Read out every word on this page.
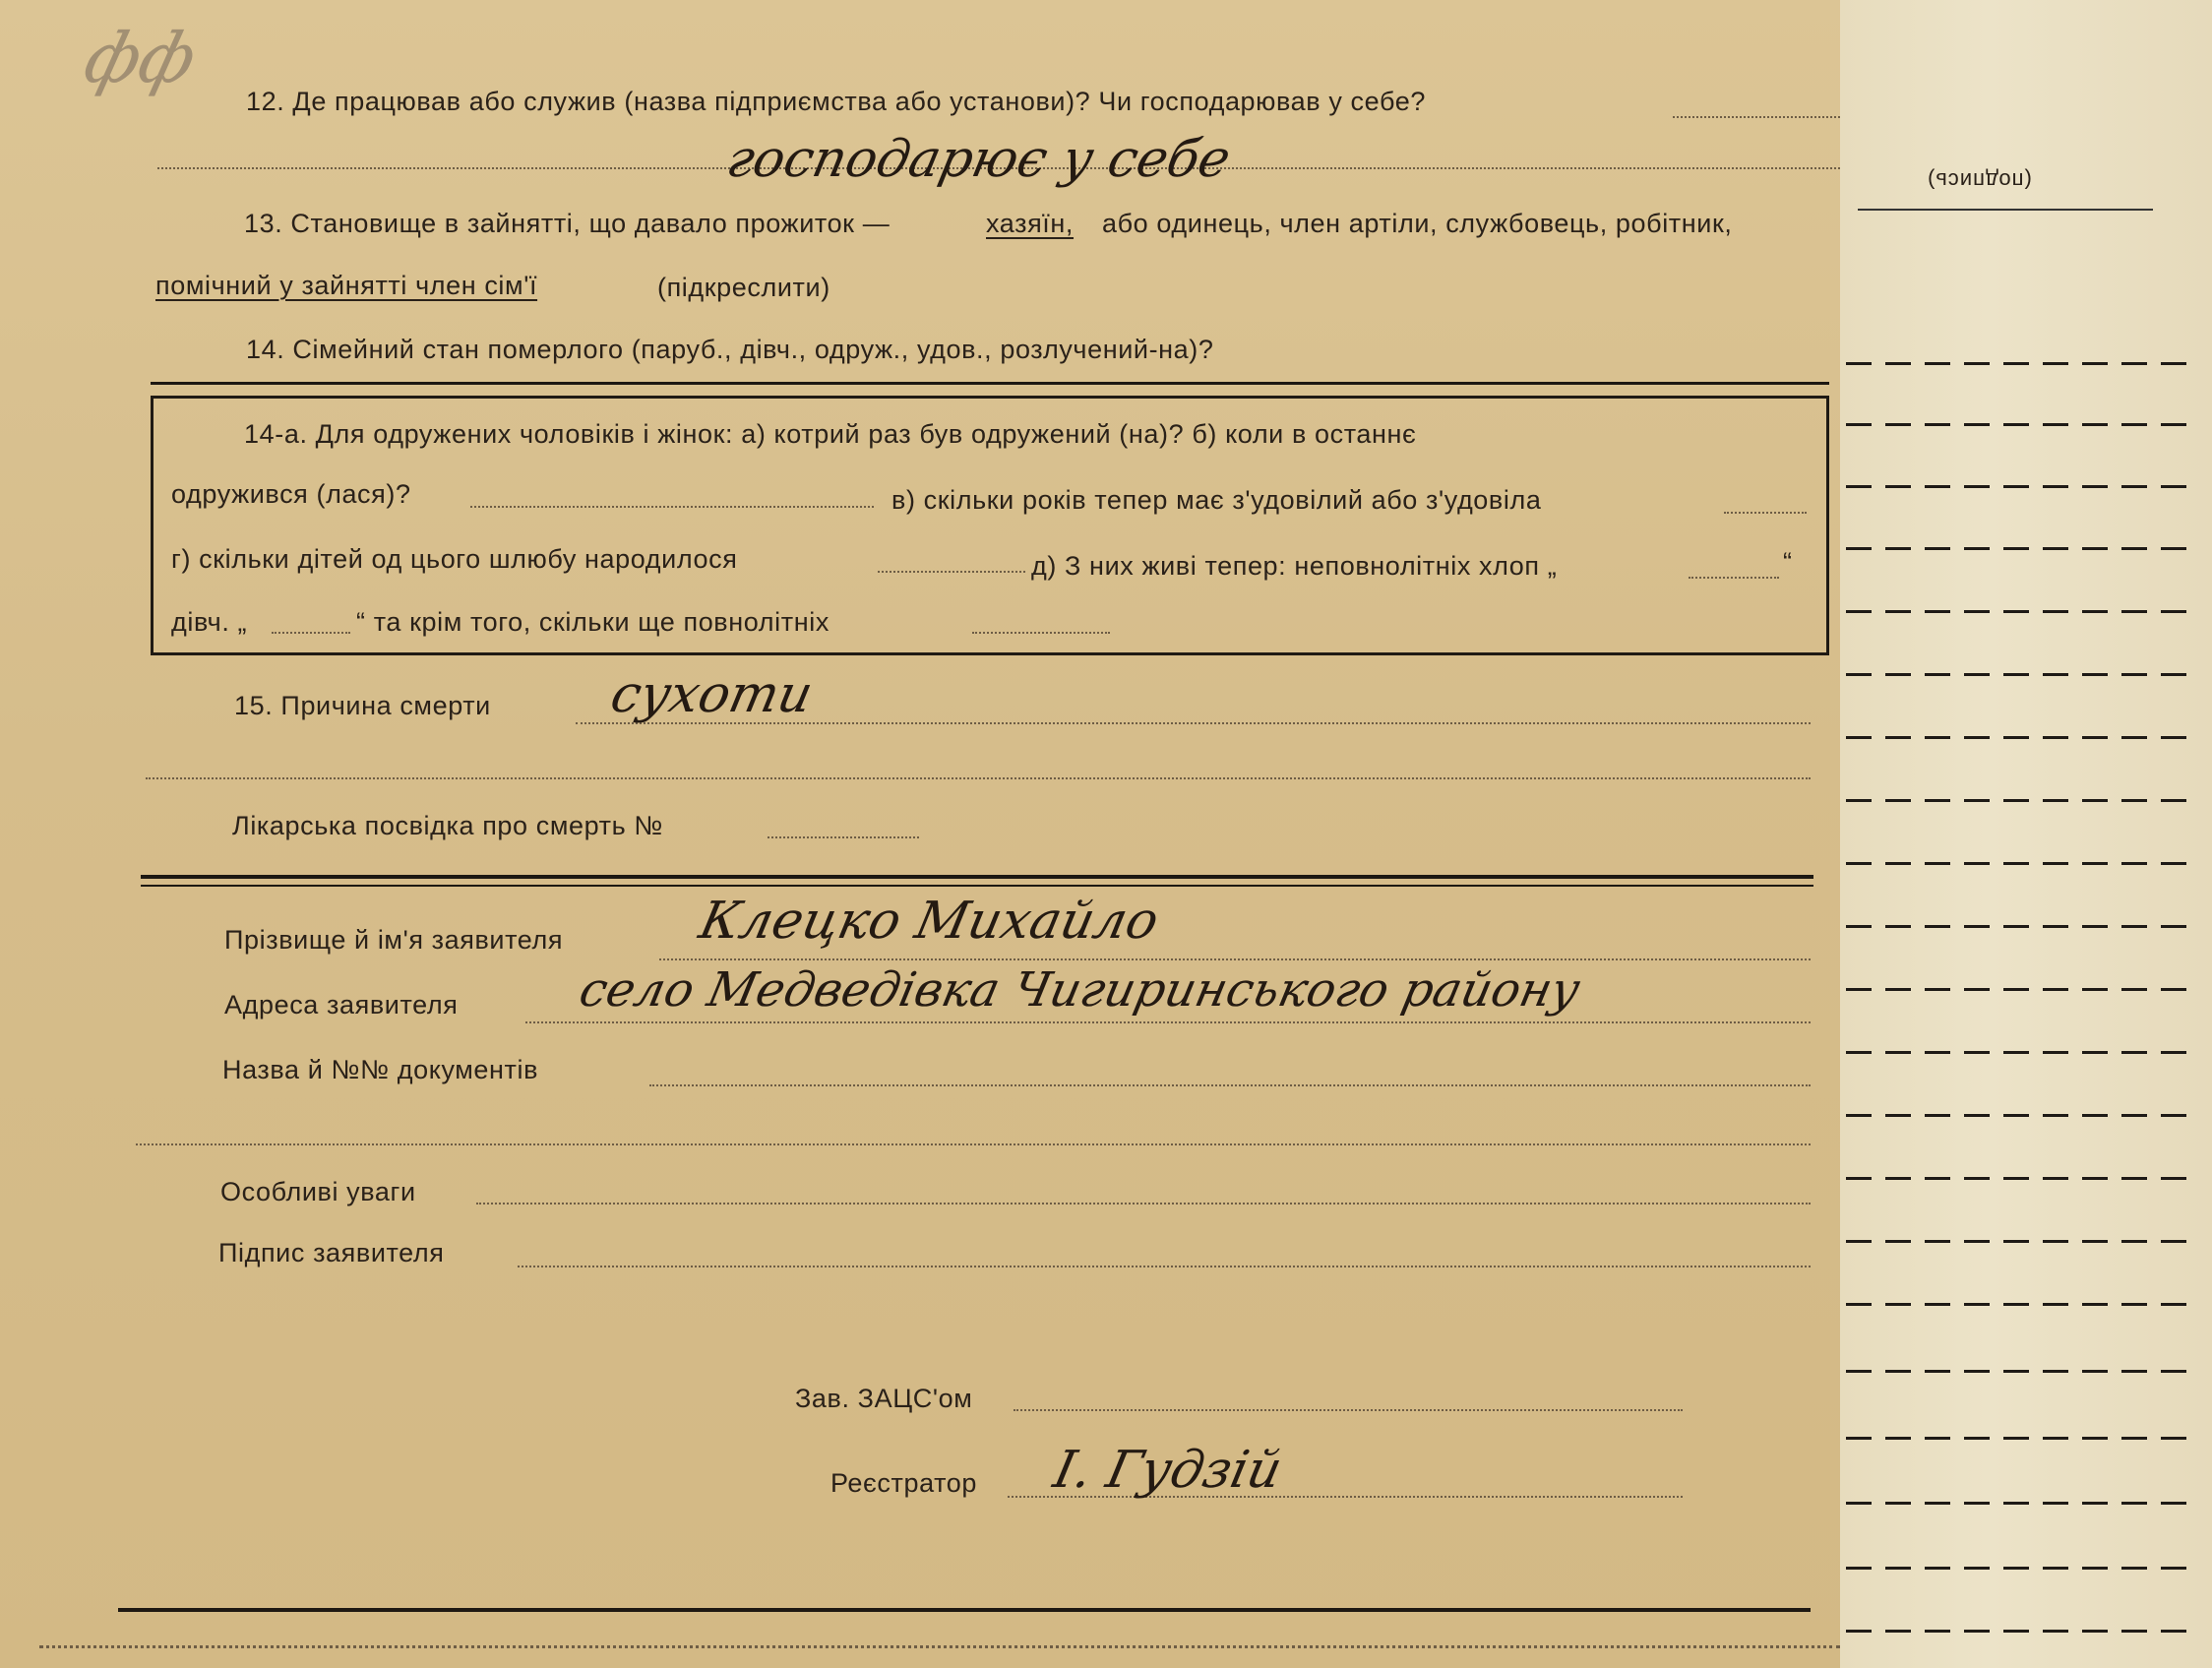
фф
12. Де працював або служив (назва підприємства або установи)? Чи господарював у себе?
господарює у себе
13. Становище в зайнятті, що давало прожиток —	хазяїн, або одинець, член артіли, службовець, робітник,
помічний у зайнятті член сім'ї	(підкреслити)
14. Сімейний стан померлого (паруб., дівч., одруж., удов., розлучений-на)?
14-а. Для одружених чоловіків і жінок: а) котрий раз був одружений (на)? б) коли в останнє
одружився (лася)?	в) скільки років тепер має з'удовілий або з'удовіла
г) скільки дітей од цього шлюбу народилося	д) З них живі тепер: неповнолітніх хлоп „	“
дівч. „	“ та крім того, скільки ще повнолітніх
15. Причина смерти сухоти
Лікарська посвідка про смерть №
Прізвище й ім'я заявителя	Клецко Михайло
Адреса заявителя село Медведівка Чигиринського району
Назва й №№ документів
Особливі уваги
Підпис заявителя
Зав. ЗАЦС'ом
Реєстратор І. Гудзій
(подпись)
